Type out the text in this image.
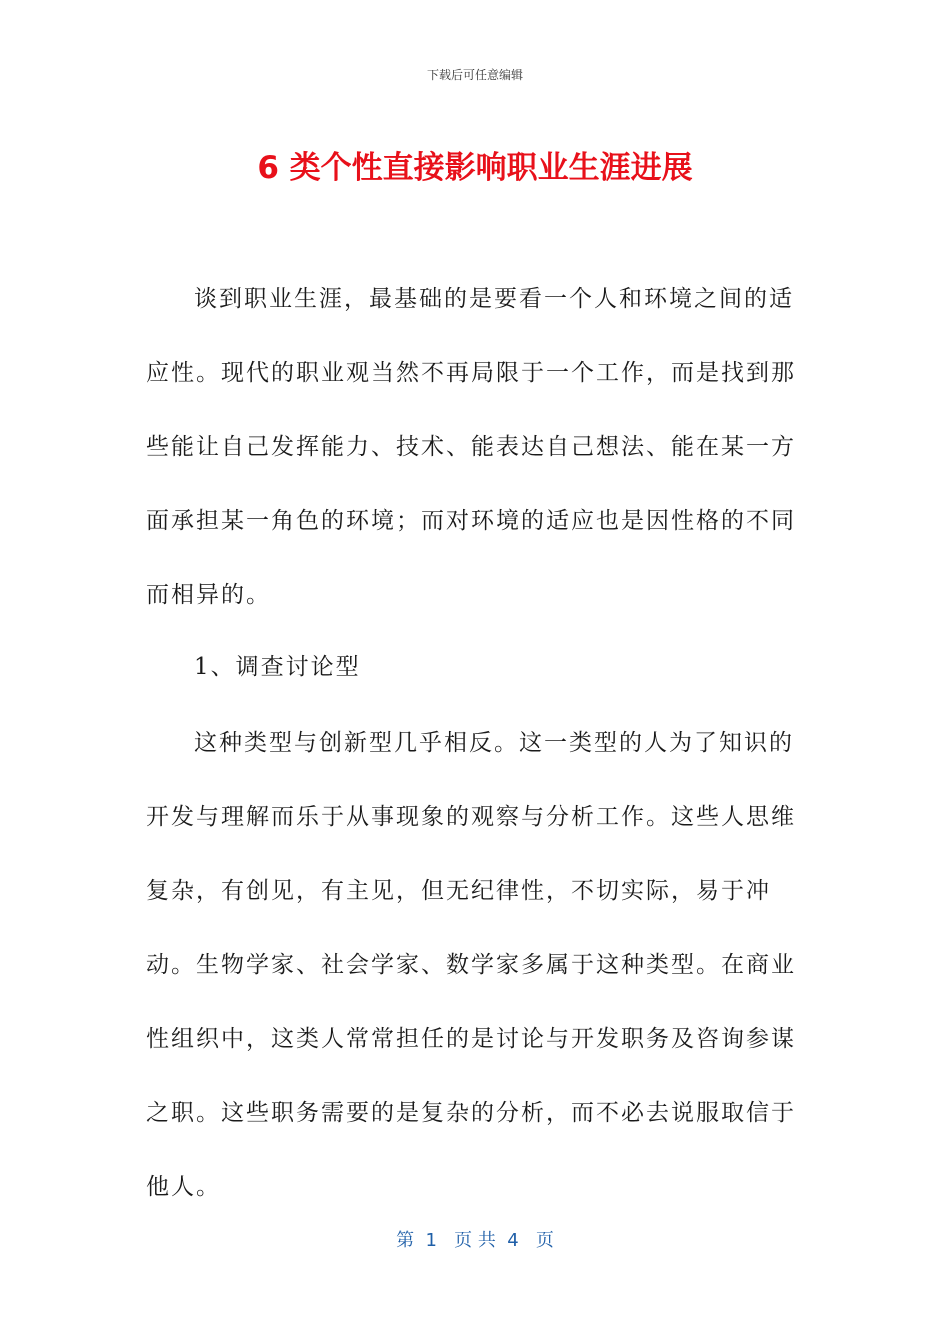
下载后可任意编辑
6 类个性直接影响职业生涯进展

谈到职业生涯，最基础的是要看一个人和环境之间的适应性。现代的职业观当然不再局限于一个工作，而是找到那些能让自己发挥能力、技术、能表达自己想法、能在某一方面承担某一角色的环境；而对环境的适应也是因性格的不同而相异的。

1、调查讨论型

这种类型与创新型几乎相反。这一类型的人为了知识的开发与理解而乐于从事现象的观察与分析工作。这些人思维复杂，有创见，有主见，但无纪律性，不切实际，易于冲动。生物学家、社会学家、数学家多属于这种类型。在商业性组织中，这类人常常担任的是讨论与开发职务及咨询参谋之职。这些职务需要的是复杂的分析，而不必去说服取信于他人。

第  1   页 共  4   页
